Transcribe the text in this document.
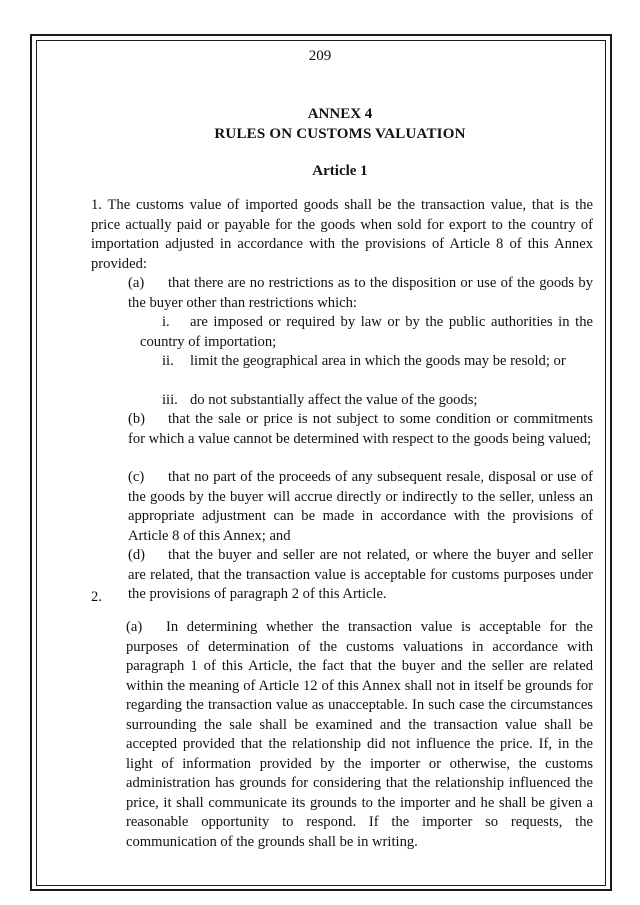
209
ANNEX 4
RULES ON CUSTOMS VALUATION
Article 1
1. The customs value of imported goods shall be the transaction value, that is the price actually paid or payable for the goods when sold for export to the country of importation adjusted in accordance with the provisions of Article 8 of this Annex provided:
(a) that there are no restrictions as to the disposition or use of the goods by the buyer other than restrictions which:
i. are imposed or required by law or by the public authorities in the country of importation;
ii. limit the geographical area in which the goods may be resold; or
iii. do not substantially affect the value of the goods;
(b) that the sale or price is not subject to some condition or commitments for which a value cannot be determined with respect to the goods being valued;
(c) that no part of the proceeds of any subsequent resale, disposal or use of the goods by the buyer will accrue directly or indirectly to the seller, unless an appropriate adjustment can be made in accordance with the provisions of Article 8 of this Annex; and
(d) that the buyer and seller are not related, or where the buyer and seller are related, that the transaction value is acceptable for customs purposes under the provisions of paragraph 2 of this Article.
2.
(a) In determining whether the transaction value is acceptable for the purposes of determination of the customs valuations in accordance with paragraph 1 of this Article, the fact that the buyer and the seller are related within the meaning of Article 12 of this Annex shall not in itself be grounds for regarding the transaction value as unacceptable. In such case the circumstances surrounding the sale shall be examined and the transaction value shall be accepted provided that the relationship did not influence the price. If, in the light of information provided by the importer or otherwise, the customs administration has grounds for considering that the relationship influenced the price, it shall communicate its grounds to the importer and he shall be given a reasonable opportunity to respond. If the importer so requests, the communication of the grounds shall be in writing.
